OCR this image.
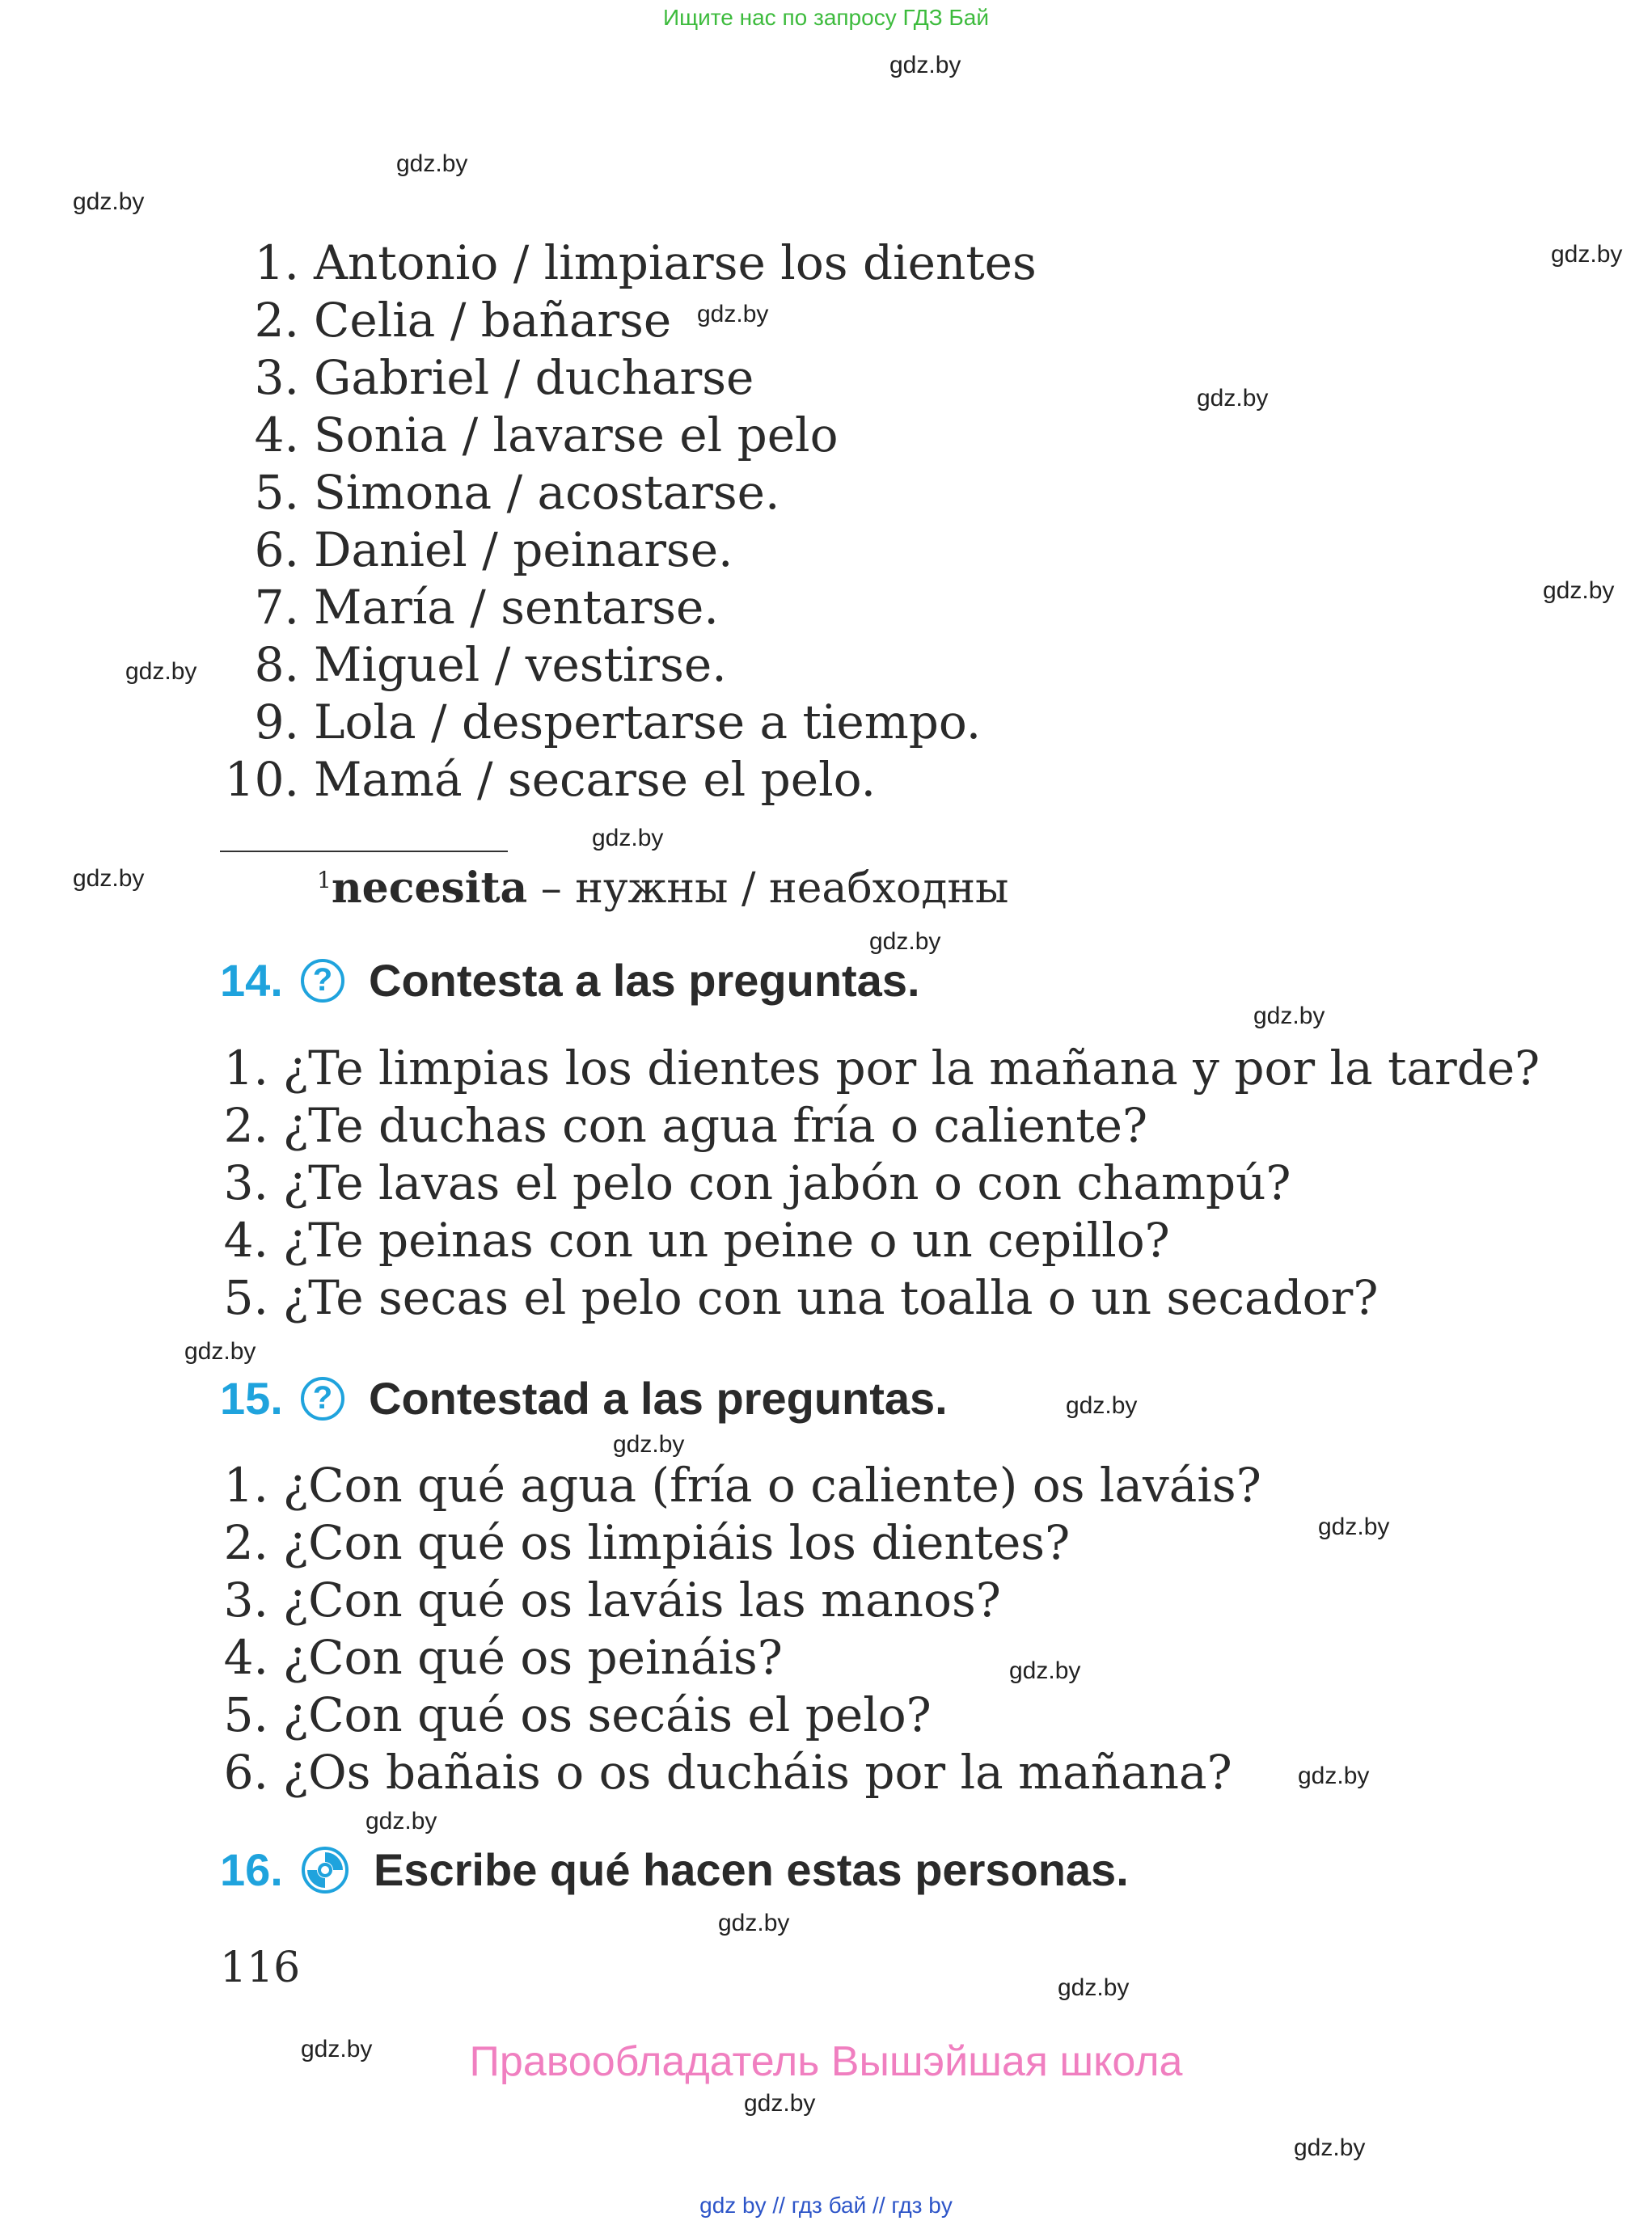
Ищите нас по запросу ГДЗ Бай
gdz.by
gdz.by
gdz.by
gdz.by
gdz.by
gdz.by
gdz.by
gdz.by
gdz.by
gdz.by
gdz.by
gdz.by
gdz.by
gdz.by
gdz.by
gdz.by
gdz.by
gdz.by
gdz.by
gdz.by
gdz.by
gdz.by
gdz.by
gdz.by
1. Antonio / limpiarse los dientes
2. Celia / bañarse
3. Gabriel / ducharse
4. Sonia / lavarse el pelo
5. Simona / acostarse.
6. Daniel / peinarse.
7. María / sentarse.
8. Miguel / vestirse.
9. Lola / despertarse a tiempo.
10. Mamá / secarse el pelo.
$^1$necesita – нужны / неабходны
14. ? Contesta a las preguntas.
1. ¿Te limpias los dientes por la mañana y por la tarde?
2. ¿Te duchas con agua fría o caliente?
3. ¿Te lavas el pelo con jabón o con champú?
4. ¿Te peinas con un peine o un cepillo?
5. ¿Te secas el pelo con una toalla o un secador?
15. ? Contestad a las preguntas.
1. ¿Con qué agua (fría o caliente) os laváis?
2. ¿Con qué os limpiáis los dientes?
3. ¿Con qué os laváis las manos?
4. ¿Con qué os peináis?
5. ¿Con qué os secáis el pelo?
6. ¿Os bañais o os ducháis por la mañana?
16.	Escribe qué hacen estas personas.
116
Правообладатель Вышэйшая школа
gdz by // гдз бай // гдз by
